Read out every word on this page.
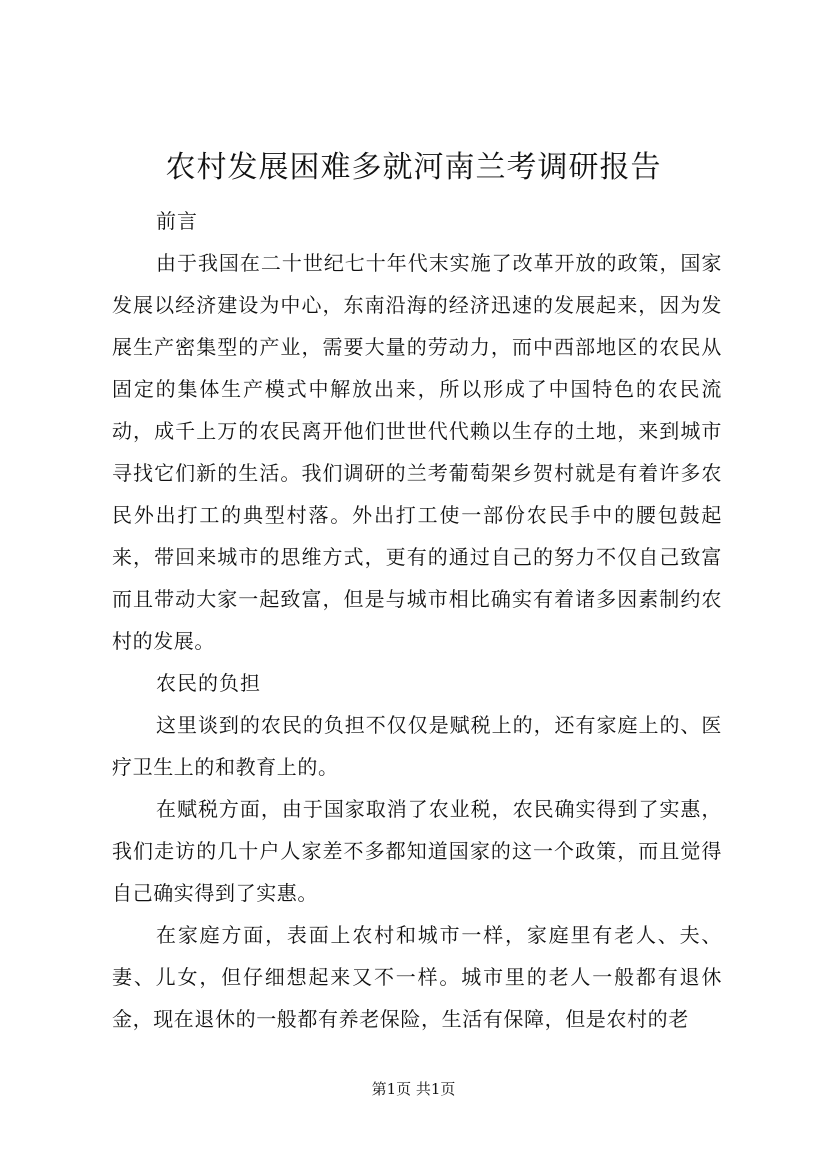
农村发展困难多就河南兰考调研报告

前言

由于我国在二十世纪七十年代末实施了改革开放的政策，国家发展以经济建设为中心，东南沿海的经济迅速的发展起来，因为发展生产密集型的产业，需要大量的劳动力，而中西部地区的农民从固定的集体生产模式中解放出来，所以形成了中国特色的农民流动，成千上万的农民离开他们世世代代赖以生存的土地，来到城市寻找它们新的生活。我们调研的兰考葡萄架乡贺村就是有着许多农民外出打工的典型村落。外出打工使一部份农民手中的腰包鼓起来，带回来城市的思维方式，更有的通过自己的努力不仅自己致富而且带动大家一起致富，但是与城市相比确实有着诸多因素制约农村的发展。

农民的负担

这里谈到的农民的负担不仅仅是赋税上的，还有家庭上的、医疗卫生上的和教育上的。

在赋税方面，由于国家取消了农业税，农民确实得到了实惠，我们走访的几十户人家差不多都知道国家的这一个政策，而且觉得自己确实得到了实惠。

在家庭方面，表面上农村和城市一样，家庭里有老人、夫、妻、儿女，但仔细想起来又不一样。城市里的老人一般都有退休金，现在退休的一般都有养老保险，生活有保障，但是农村的老

第1页 共1页
